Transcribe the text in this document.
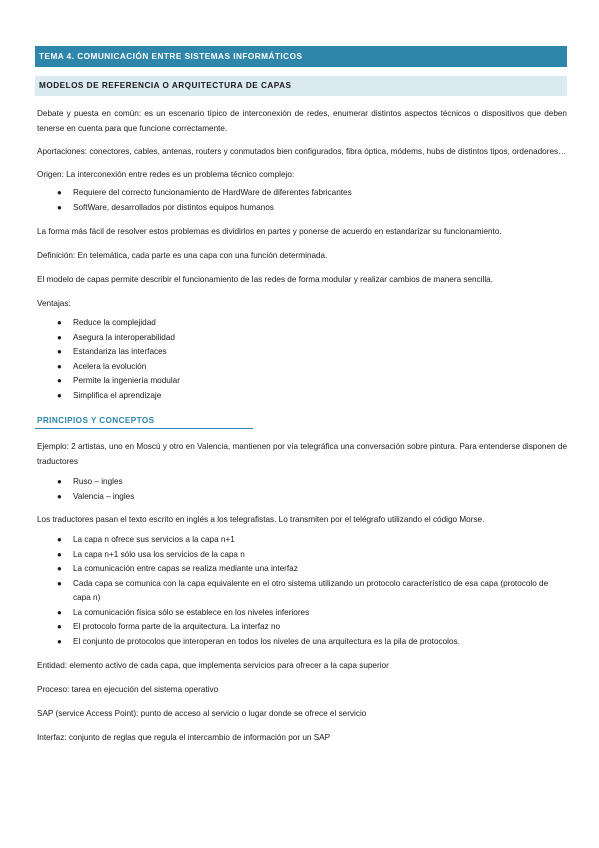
TEMA 4. COMUNICACIÓN ENTRE SISTEMAS INFORMÁTICOS
MODELOS DE REFERENCIA O ARQUITECTURA DE CAPAS

Debate y puesta en común: es un escenario típico de interconexión de redes, enumerar distintos aspectos técnicos o dispositivos que deben tenerse en cuenta para que funcione correctamente.

Aportaciones: conectores, cables, antenas, routers y conmutados bien configurados, fibra óptica, módems, hubs de distintos tipos, ordenadores…

Origen: La interconexión entre redes es un problema técnico complejo:

● Requiere del correcto funcionamiento de HardWare de diferentes fabricantes
● SoftWare, desarrollados por distintos equipos humanos

La forma más fácil de resolver estos problemas es dividirlos en partes y ponerse de acuerdo en estandarizar su funcionamiento.

Definición: En telemática, cada parte es una capa con una función determinada.

El modelo de capas permite describir el funcionamiento de las redes de forma modular y realizar cambios de manera sencilla.

Ventajas:

● Reduce la complejidad
● Asegura la interoperabilidad
● Estandariza las interfaces
● Acelera la evolución
● Permite la ingeniería modular
● Simplifica el aprendizaje
PRINCIPIOS Y CONCEPTOS

Ejemplo: 2 artistas, uno en Moscú y otro en Valencia, mantienen por vía telegráfica una conversación sobre pintura. Para entenderse disponen de traductores

● Ruso – ingles
● Valencia – ingles

Los traductores pasan el texto escrito en inglés a los telegrafistas. Lo transmiten por el telégrafo utilizando el código Morse.

● La capa n ofrece sus servicios a la capa n+1
● La capa n+1 sólo usa los servicios de la capa n
● La comunicación entre capas se realiza mediante una interfaz
● Cada capa se comunica con la capa equivalente en el otro sistema utilizando un protocolo característico de esa capa (protocolo de capa n)
● La comunicación física sólo se establece en los niveles inferiores
● El protocolo forma parte de la arquitectura. La interfaz no
● El conjunto de protocolos que interoperan en todos los niveles de una arquitectura es la pila de protocolos.

Entidad: elemento activo de cada capa, que implementa servicios para ofrecer a la capa superior

Proceso: tarea en ejecución del sistema operativo

SAP (service Access Point): punto de acceso al servicio o lugar donde se ofrece el servicio

Interfaz: conjunto de reglas que regula el intercambio de información por un SAP
